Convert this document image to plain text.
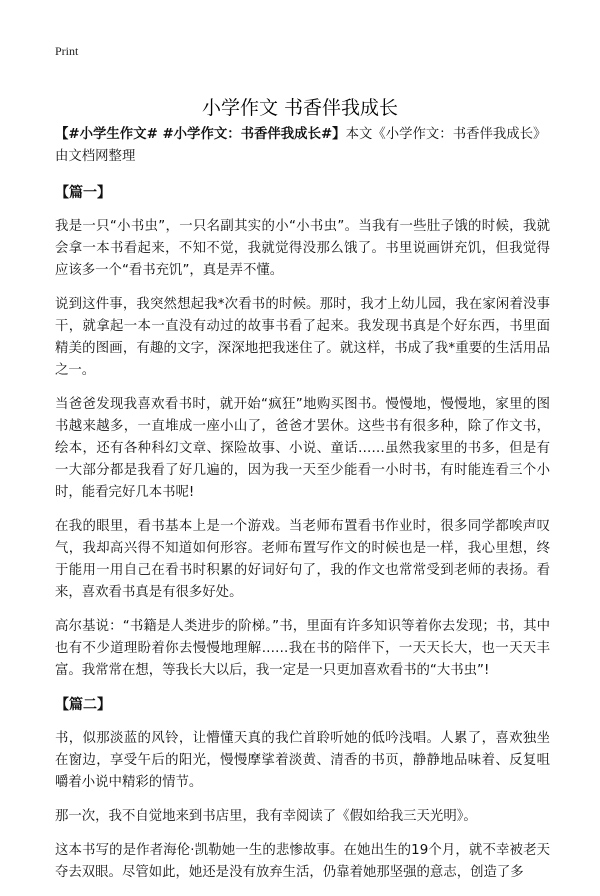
Print
小学作文 书香伴我成长
【#小学生作文# #小学作文：书香伴我成长#】本文《小学作文：书香伴我成长》由文档网整理
【篇一】

我是一只“小书虫”，一只名副其实的小“小书虫”。当我有一些肚子饿的时候，我就会拿一本书看起来，不知不觉，我就觉得没那么饿了。书里说画饼充饥，但我觉得应该多一个“看书充饥”，真是弄不懂。

说到这件事，我突然想起我*次看书的时候。那时，我才上幼儿园，我在家闲着没事干，就拿起一本一直没有动过的故事书看了起来。我发现书真是个好东西，书里面精美的图画，有趣的文字，深深地把我迷住了。就这样，书成了我*重要的生活用品之一。

当爸爸发现我喜欢看书时，就开始“疯狂”地购买图书。慢慢地，慢慢地，家里的图书越来越多，一直堆成一座小山了，爸爸才罢休。这些书有很多种，除了作文书，绘本，还有各种科幻文章、探险故事、小说、童话……虽然我家里的书多，但是有一大部分都是我看了好几遍的，因为我一天至少能看一小时书，有时能连看三个小时，能看完好几本书呢!

在我的眼里，看书基本上是一个游戏。当老师布置看书作业时，很多同学都唉声叹气，我却高兴得不知道如何形容。老师布置写作文的时候也是一样，我心里想，终于能用一用自己在看书时积累的好词好句了，我的作文也常常受到老师的表扬。看来，喜欢看书真是有很多好处。

高尔基说：“书籍是人类进步的阶梯。”书，里面有许多知识等着你去发现；书，其中也有不少道理盼着你去慢慢地理解……我在书的陪伴下，一天天长大，也一天天丰富。我常常在想，等我长大以后，我一定是一只更加喜欢看书的“大书虫”!

【篇二】

书，似那淡蓝的风铃，让懵懂天真的我伫首聆听她的低吟浅唱。人累了，喜欢独坐在窗边，享受午后的阳光，慢慢摩挲着淡黄、清香的书页，静静地品味着、反复咀嚼着小说中精彩的情节。

那一次，我不自觉地来到书店里，我有幸阅读了《假如给我三天光明》。

这本书写的是作者海伦·凯勒她一生的悲惨故事。在她出生的19个月，就不幸被老天夺去双眼。尽管如此，她还是没有放弃生活，仍靠着她那坚强的意志，创造了多
